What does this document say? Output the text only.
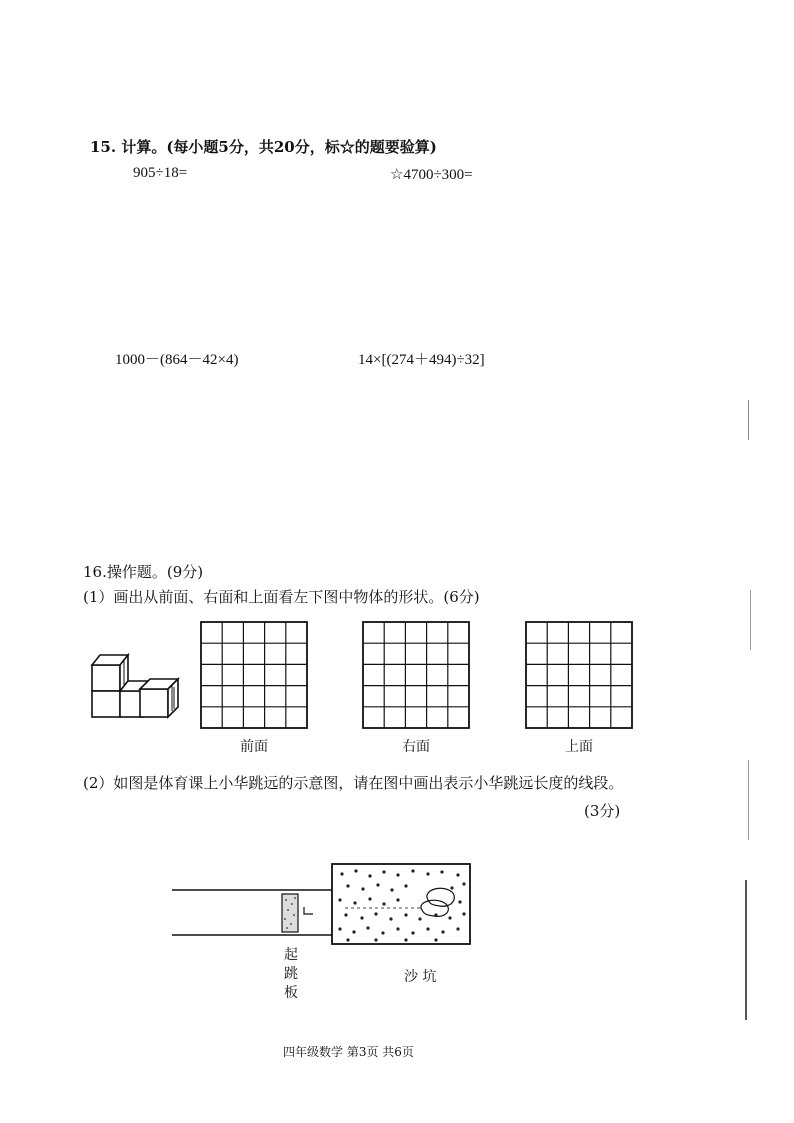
15. 计算。(每小题5分，共20分，标☆的题要验算)
905÷18=	☆4700÷300=
1000－(864－42×4)	14×[(274＋494)÷32]
16.操作题。(9分)
(1）画出从前面、右面和上面看左下图中物体的形状。(6分)
前面	右面	上面
(2）如图是体育课上小华跳远的示意图，请在图中画出表示小华跳远长度的线段。
(3分)
起
跳
板
沙 坑
四年级数学 第3页 共6页
